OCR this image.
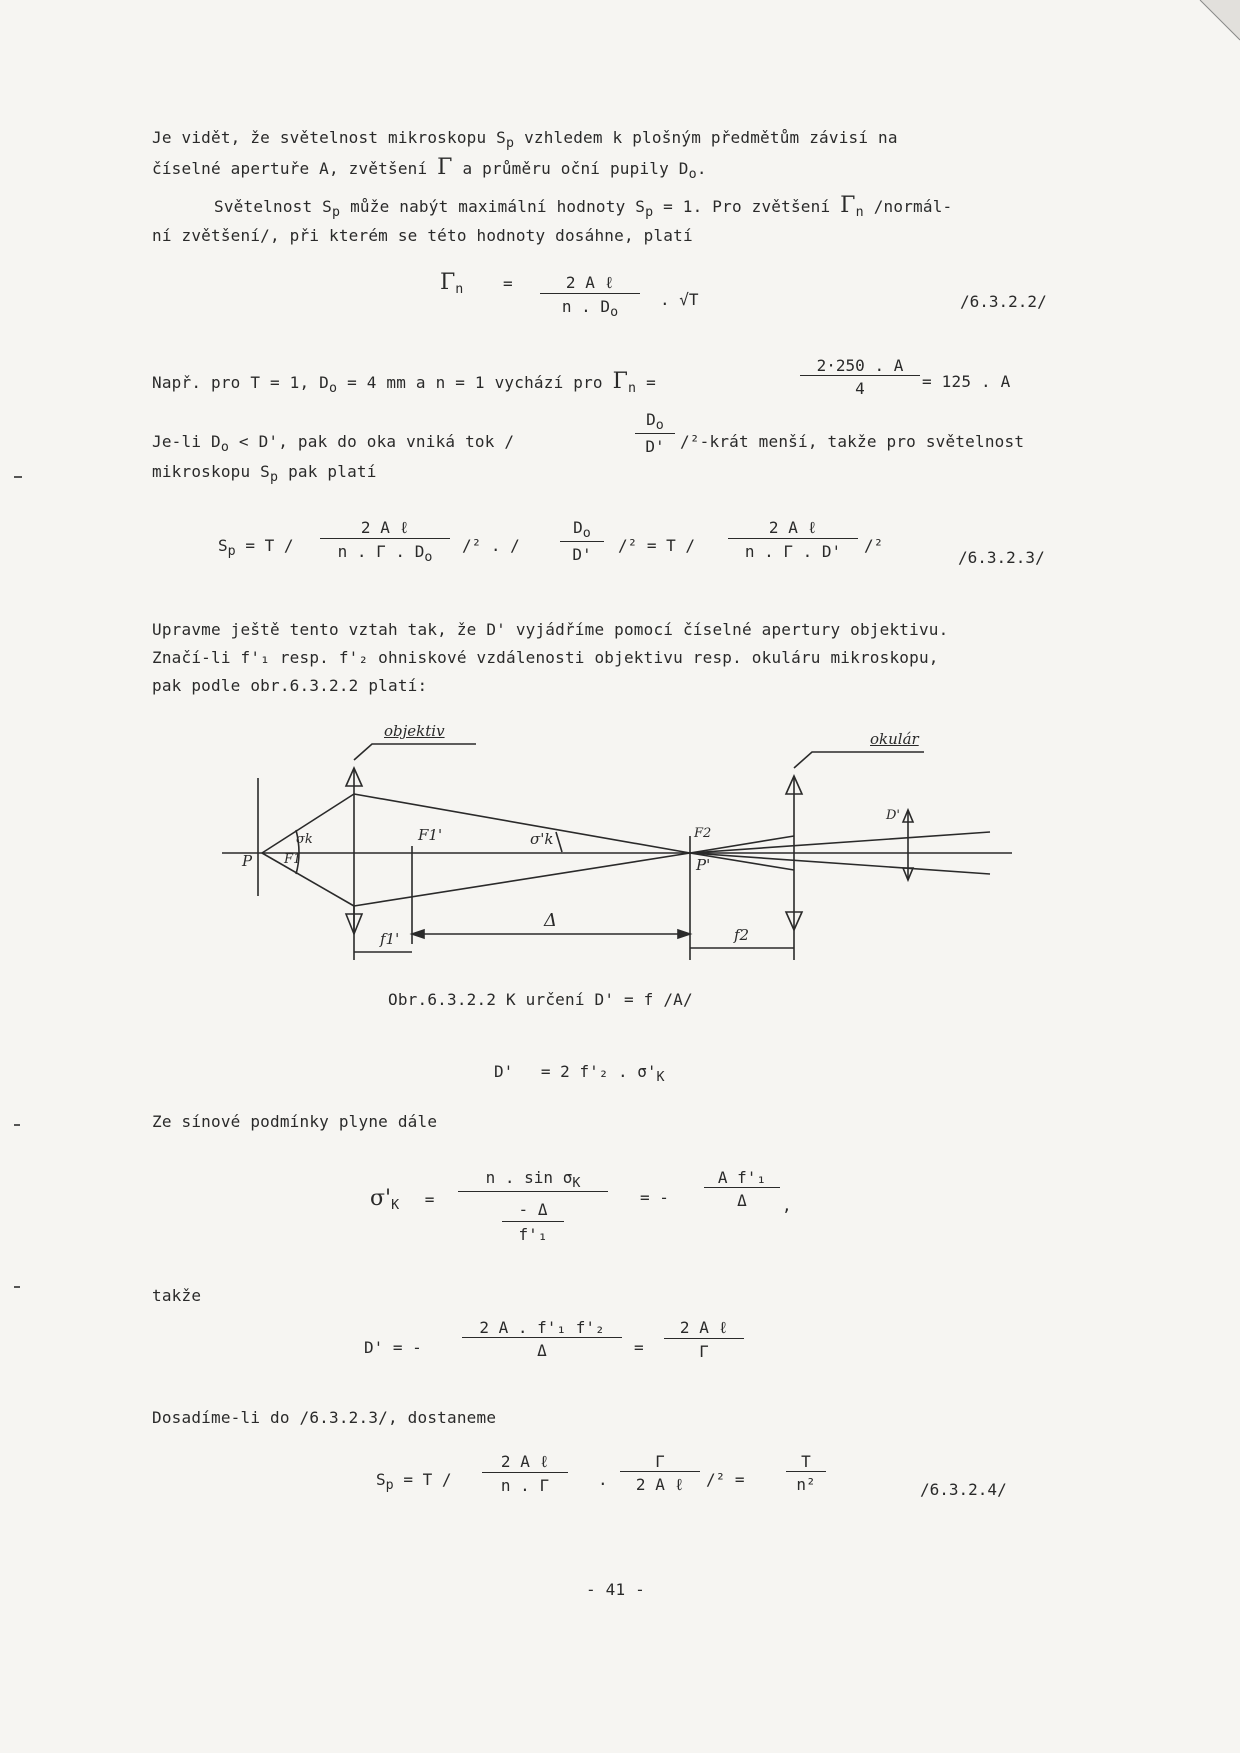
Je vidět, že světelnost mikroskopu $S_p$ vzhledem k plošným předmětům závisí na
číselné apertuře A, zvětšení Γ a průměru oční pupily $D_o$.
Světelnost $S_p$ může nabýt maximální hodnoty $S_p = 1$. Pro zvětšení $\Gamma_n$ /normál-
ní zvětšení/, při kterém se této hodnoty dosáhne, platí
$\Gamma_n$ =	2 A ℓ
n . $D_o$
. √T	/6.3.2.2/
Např. pro T = 1, $D_o = 4$ mm a n = 1 vychází pro $\Gamma_n$ =	$\frac{2\cdot 250 . A}{4} = 125$ . A
Je-li $D_o < D'$, pak do oka vniká tok /	$\frac{D_o}{D'}$ /²-krát menší, takže pro světelnost
mikroskopu $S_p$ pak platí
$S_p = T$ /
2 A ℓ
n . Γ . $D_o$
/² . /	$\frac{D_o}{D'} /^2 = T$ /
2 A ℓ
n . Γ . D'	/²
/6.3.2.3/
Upravme ještě tento vztah tak, že D' vyjádříme pomocí číselné apertury objektivu.
Značí-li f'₁ resp. f'₂ ohniskové vzdálenosti objektivu resp. okuláru mikroskopu,
pak podle obr.6.3.2.2 platí:
objektiv	okulár
P
σk
F1
F1'	σ'k	F2
P'
Δ
f1'	f2
D'
Obr.6.3.2.2 K určení D' = f /A/
D' = 2 f'₂ . $\sigma'_K$
Ze sínové podmínky plyne dále
$\sigma'_K$ =
n . $\sin \sigma_K$
- Δ
f'₁
= - $\frac{\text{A f'₁}}{\Delta}$ ,
takže
D' = -	$\frac{\text{2 A . f'₁ f'₂}}{\Delta}$ =
2 A ℓ
Γ
Dosadíme-li do /6.3.2.3/, dostaneme
$S_p = T$ /
2 A ℓ
n . Γ	.
Γ
2 A ℓ	/² =	$\frac{T}{\text{n²}}$	/6.3.2.4/
- 41 -
